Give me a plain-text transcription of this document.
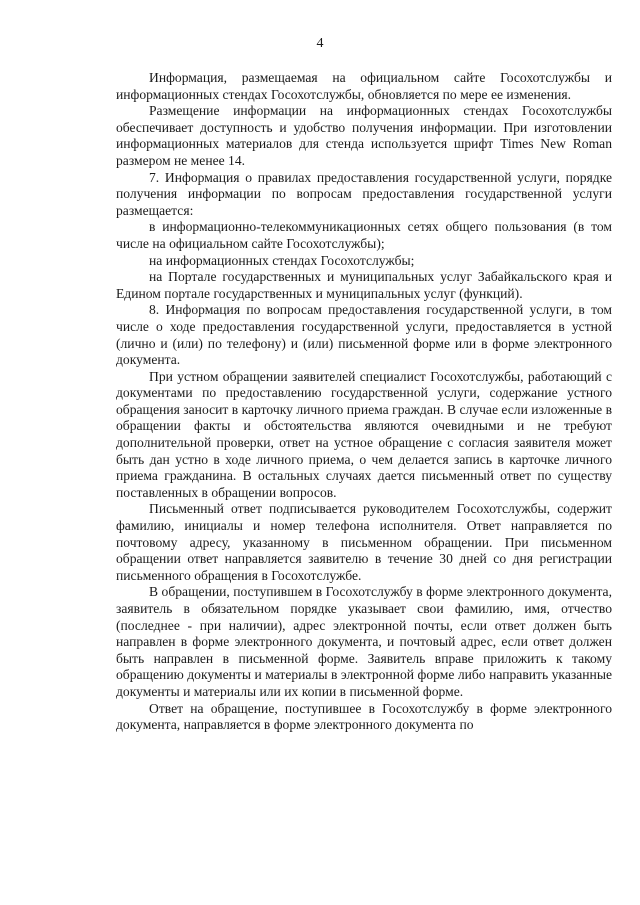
4

Информация, размещаемая на официальном сайте Госохотслужбы и информационных стендах Госохотслужбы, обновляется по мере ее изменения.

Размещение информации на информационных стендах Госохотслужбы обеспечивает доступность и удобство получения информации. При изготовлении информационных материалов для стенда используется шрифт Times New Roman размером не менее 14.

7. Информация о правилах предоставления государственной услуги, порядке получения информации по вопросам предоставления государственной услуги размещается:

в информационно-телекоммуникационных сетях общего пользования (в том числе на официальном сайте Госохотслужбы);

на информационных стендах Госохотслужбы;

на Портале государственных и муниципальных услуг Забайкальского края и Едином портале государственных и муниципальных услуг (функций).

8. Информация по вопросам предоставления государственной услуги, в том числе о ходе предоставления государственной услуги, предоставляется в устной (лично и (или) по телефону) и (или) письменной форме или в форме электронного документа.

При устном обращении заявителей специалист Госохотслужбы, работающий с документами по предоставлению государственной услуги, содержание устного обращения заносит в карточку личного приема граждан. В случае если изложенные в обращении факты и обстоятельства являются очевидными и не требуют дополнительной проверки, ответ на устное обращение с согласия заявителя может быть дан устно в ходе личного приема, о чем делается запись в карточке личного приема гражданина. В остальных случаях дается письменный ответ по существу поставленных в обращении вопросов.

Письменный ответ подписывается руководителем Госохотслужбы, содержит фамилию, инициалы и номер телефона исполнителя. Ответ направляется по почтовому адресу, указанному в письменном обращении. При письменном обращении ответ направляется заявителю в течение 30 дней со дня регистрации письменного обращения в Госохотслужбе.

В обращении, поступившем в Госохотслужбу в форме электронного документа, заявитель в обязательном порядке указывает свои фамилию, имя, отчество (последнее - при наличии), адрес электронной почты, если ответ должен быть направлен в форме электронного документа, и почтовый адрес, если ответ должен быть направлен в письменной форме. Заявитель вправе приложить к такому обращению документы и материалы в электронной форме либо направить указанные документы и материалы или их копии в письменной форме.

Ответ на обращение, поступившее в Госохотслужбу в форме электронного документа, направляется в форме электронного документа по
